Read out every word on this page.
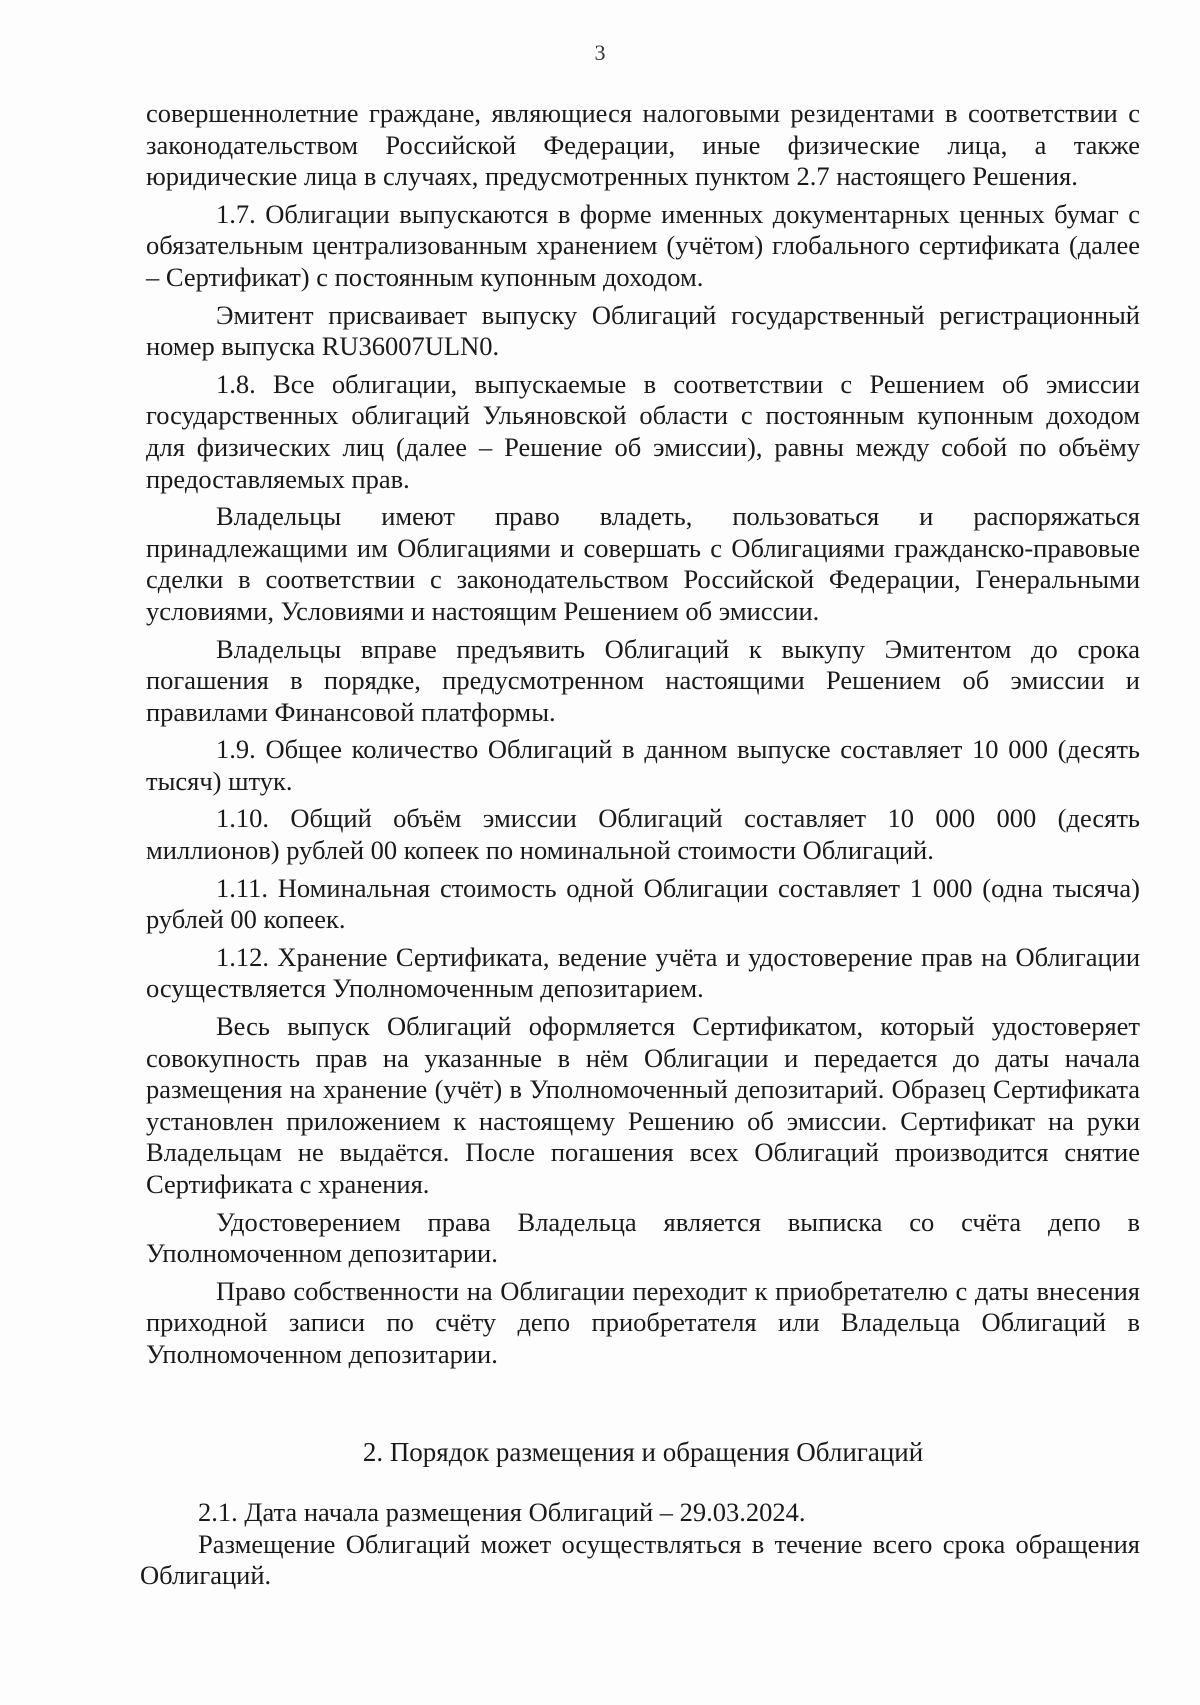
3

совершеннолетние граждане, являющиеся налоговыми резидентами в соответствии с законодательством Российской Федерации, иные физические лица, а также юридические лица в случаях, предусмотренных пунктом 2.7 настоящего Решения.

1.7. Облигации выпускаются в форме именных документарных ценных бумаг с обязательным централизованным хранением (учётом) глобального сертификата (далее – Сертификат) с постоянным купонным доходом.

Эмитент присваивает выпуску Облигаций государственный регистрационный номер выпуска RU36007ULN0.

1.8. Все облигации, выпускаемые в соответствии с Решением об эмиссии государственных облигаций Ульяновской области с постоянным купонным доходом для физических лиц (далее – Решение об эмиссии), равны между собой по объёму предоставляемых прав.

Владельцы имеют право владеть, пользоваться и распоряжаться принадлежащими им Облигациями и совершать с Облигациями гражданско-правовые сделки в соответствии с законодательством Российской Федерации, Генеральными условиями, Условиями и настоящим Решением об эмиссии.

Владельцы вправе предъявить Облигаций к выкупу Эмитентом до срока погашения в порядке, предусмотренном настоящими Решением об эмиссии и правилами Финансовой платформы.

1.9. Общее количество Облигаций в данном выпуске составляет 10 000 (десять тысяч) штук.

1.10. Общий объём эмиссии Облигаций составляет 10 000 000 (десять миллионов) рублей 00 копеек по номинальной стоимости Облигаций.

1.11. Номинальная стоимость одной Облигации составляет 1 000 (одна тысяча) рублей 00 копеек.

1.12. Хранение Сертификата, ведение учёта и удостоверение прав на Облигации осуществляется Уполномоченным депозитарием.

Весь выпуск Облигаций оформляется Сертификатом, который удостоверяет совокупность прав на указанные в нём Облигации и передается до даты начала размещения на хранение (учёт) в Уполномоченный депозитарий. Образец Сертификата установлен приложением к настоящему Решению об эмиссии. Сертификат на руки Владельцам не выдаётся. После погашения всех Облигаций производится снятие Сертификата с хранения.

Удостоверением права Владельца является выписка со счёта депо в Уполномоченном депозитарии.

Право собственности на Облигации переходит к приобретателю с даты внесения приходной записи по счёту депо приобретателя или Владельца Облигаций в Уполномоченном депозитарии.

2. Порядок размещения и обращения Облигаций

2.1. Дата начала размещения Облигаций – 29.03.2024.

Размещение Облигаций может осуществляться в течение всего срока обращения Облигаций.
